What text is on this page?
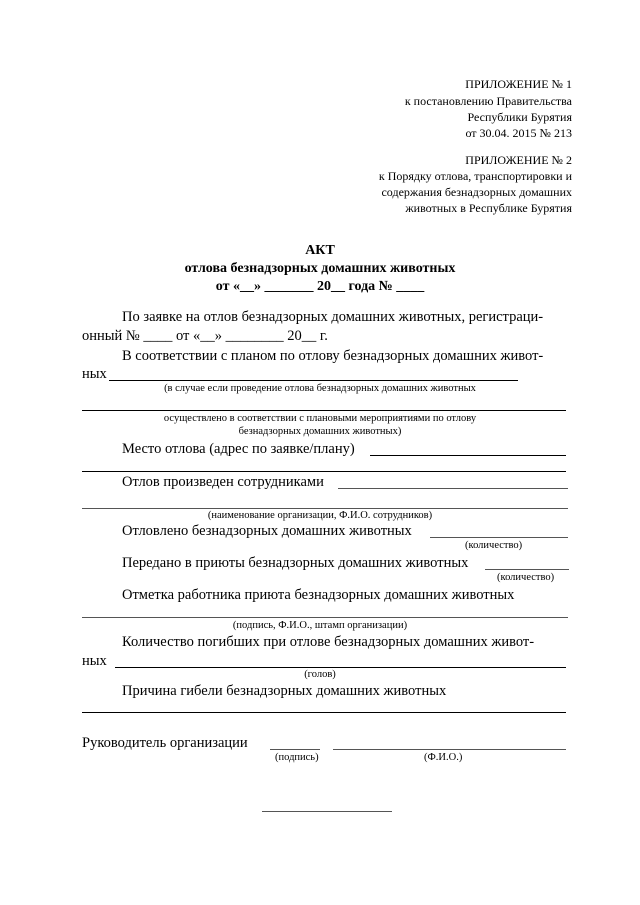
ПРИЛОЖЕНИЕ № 1
к постановлению Правительства
Республики Бурятия
от 30.04. 2015 № 213
ПРИЛОЖЕНИЕ № 2
к Порядку отлова, транспортировки и
содержания безнадзорных домашних
животных в Республике Бурятия
АКТ
отлова безнадзорных домашних животных
от «__» _______ 20__ года № ____
По заявке на отлов безнадзорных домашних животных, регистраци-
онный № ____ от «__» ________ 20__ г.
В соответствии с планом по отлову безнадзорных домашних живот-
ных
(в случае если проведение отлова безнадзорных домашних животных
осуществлено в соответствии с плановыми мероприятиями по отлову
безнадзорных домашних животных)
Место отлова (адрес по заявке/плану)
Отлов произведен сотрудниками
(наименование организации, Ф.И.О. сотрудников)
Отловлено безнадзорных домашних животных
(количество)
Передано в приюты безнадзорных домашних животных
(количество)
Отметка работника приюта безнадзорных домашних животных
(подпись, Ф.И.О., штамп организации)
Количество погибших при отлове безнадзорных домашних живот-
ных
(голов)
Причина гибели безнадзорных домашних животных
Руководитель организации
(подпись)	(Ф.И.О.)
